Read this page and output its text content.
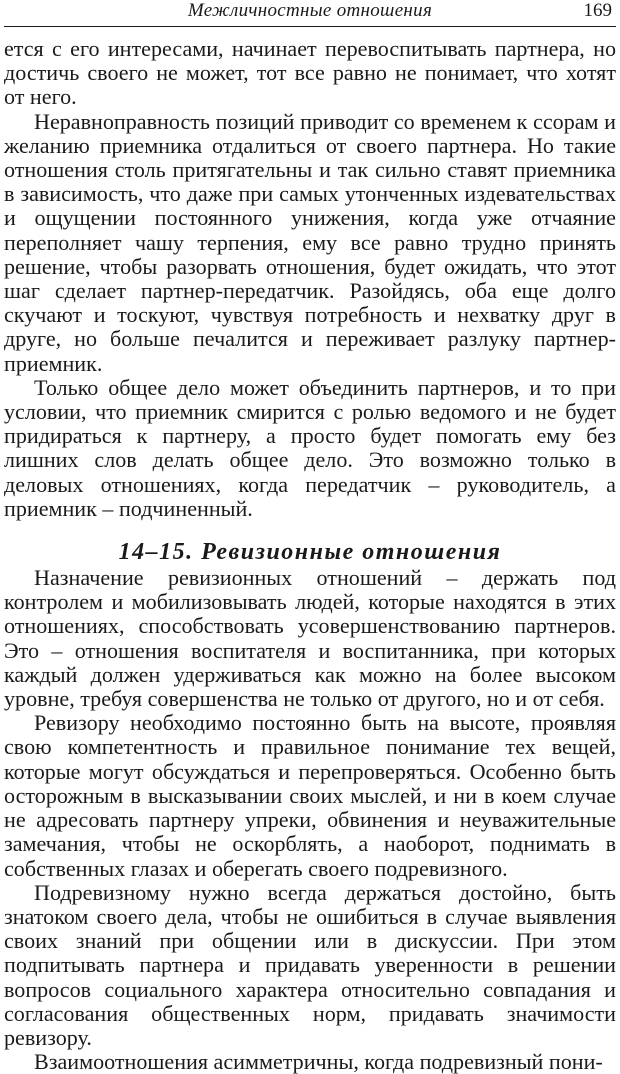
Межличностные отношения	169

ется с его интересами, начинает перевоспитывать партнера, но достичь своего не может, тот все равно не понимает, что хотят от него.

Неравноправность позиций приводит со временем к ссорам и желанию приемника отдалиться от своего партнера. Но такие отношения столь притягательны и так сильно ставят приемника в зависимость, что даже при самых утонченных издевательствах и ощущении постоянного унижения, когда уже отчаяние переполняет чашу терпения, ему все равно трудно принять решение, чтобы разорвать отношения, будет ожидать, что этот шаг сделает партнер-передатчик. Разойдясь, оба еще долго скучают и тоскуют, чувствуя потребность и нехватку друг в друге, но больше печалится и переживает разлуку партнер-приемник.

Только общее дело может объединить партнеров, и то при условии, что приемник смирится с ролью ведомого и не будет придираться к партнеру, а просто будет помогать ему без лишних слов делать общее дело. Это возможно только в деловых отношениях, когда передатчик – руководитель, а приемник – подчиненный.

14–15. Ревизионные отношения

Назначение ревизионных отношений – держать под контролем и мобилизовывать людей, которые находятся в этих отношениях, способствовать усовершенствованию партнеров. Это – отношения воспитателя и воспитанника, при которых каждый должен удерживаться как можно на более высоком уровне, требуя совершенства не только от другого, но и от себя.

Ревизору необходимо постоянно быть на высоте, проявляя свою компетентность и правильное понимание тех вещей, которые могут обсуждаться и перепроверяться. Особенно быть осторожным в высказывании своих мыслей, и ни в коем случае не адресовать партнеру упреки, обвинения и неуважительные замечания, чтобы не оскорблять, а наоборот, поднимать в собственных глазах и оберегать своего подревизного.

Подревизному нужно всегда держаться достойно, быть знатоком своего дела, чтобы не ошибиться в случае выявления своих знаний при общении или в дискуссии. При этом подпитывать партнера и придавать уверенности в решении вопросов социального характера относительно совпадания и согласования общественных норм, придавать значимости ревизору.

Взаимоотношения асимметричны, когда подревизный пони-
